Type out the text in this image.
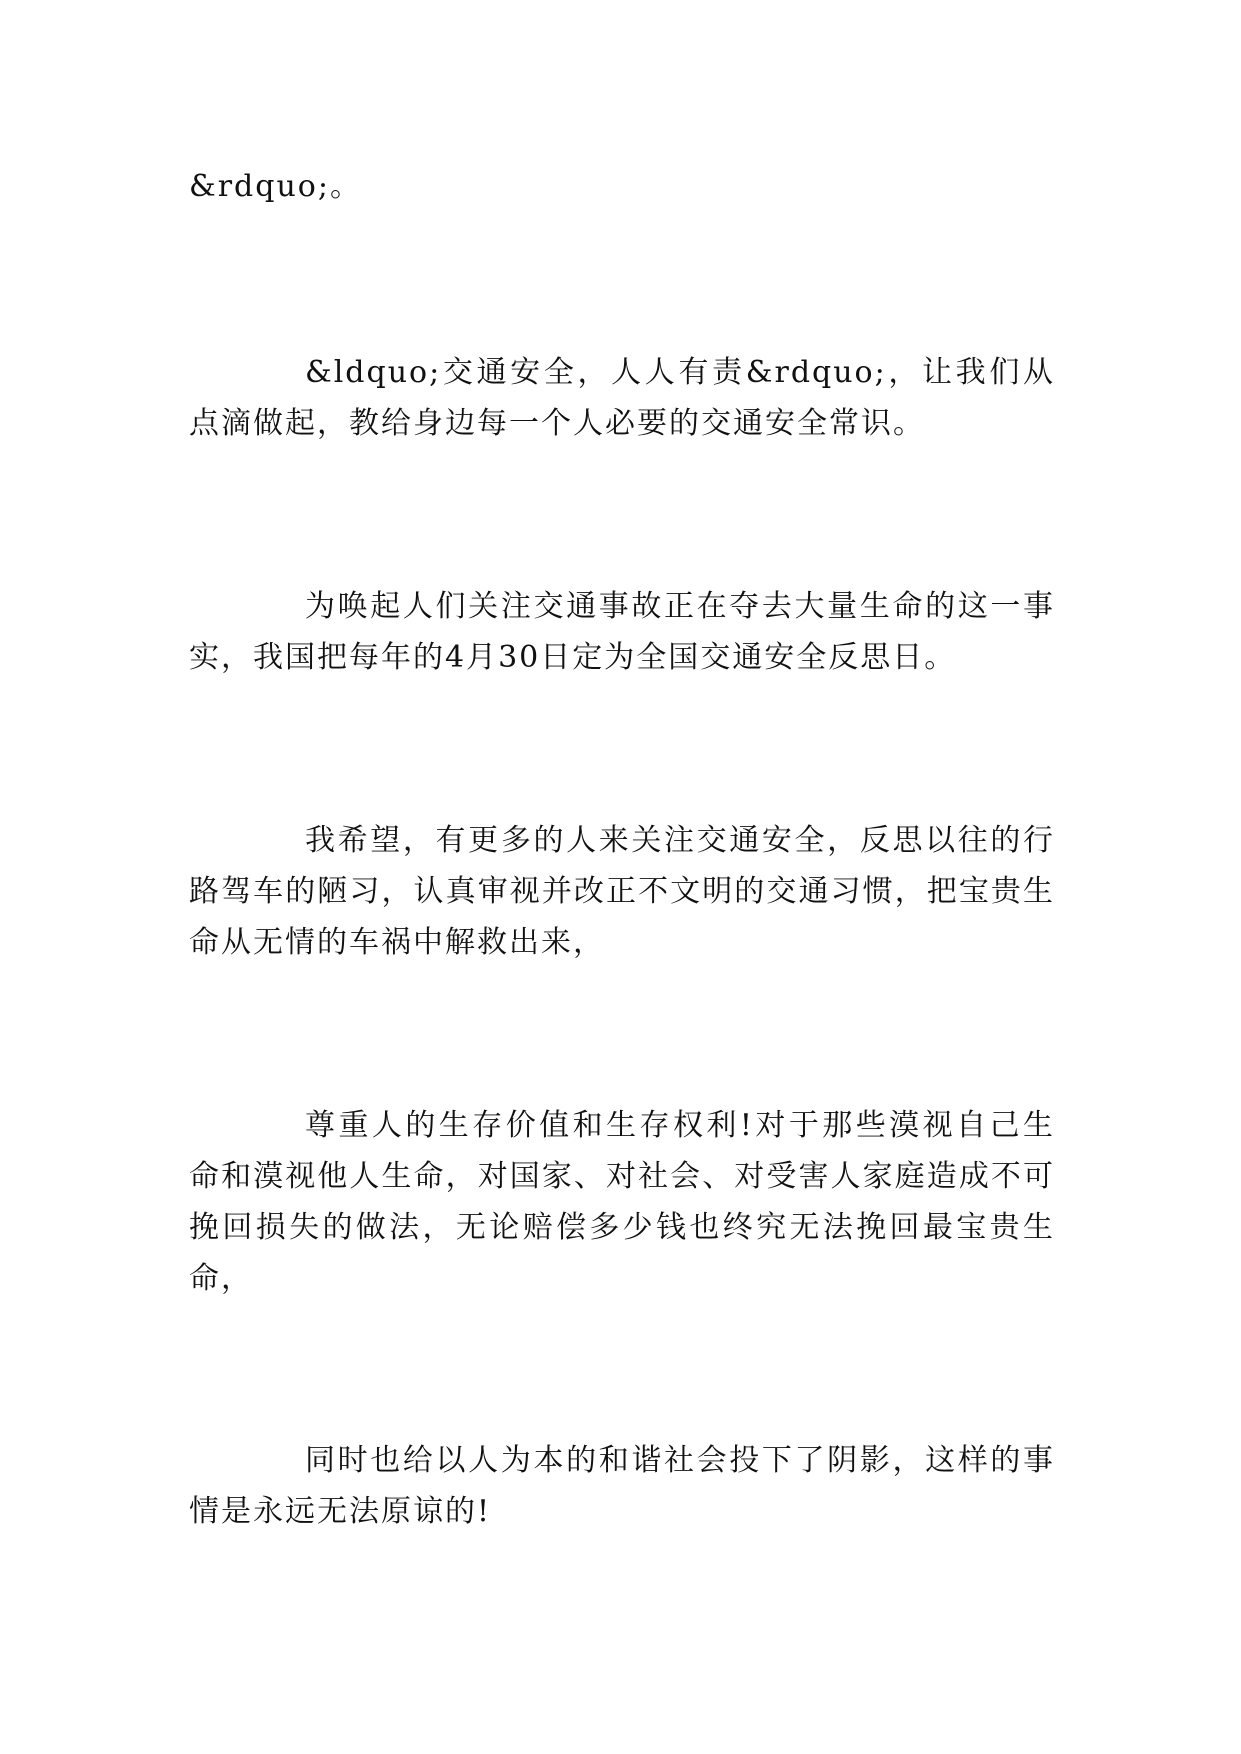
&rdquo;。

&ldquo;交通安全，人人有责&rdquo;，让我们从点滴做起，教给身边每一个人必要的交通安全常识。

为唤起人们关注交通事故正在夺去大量生命的这一事实，我国把每年的4月30日定为全国交通安全反思日。

我希望，有更多的人来关注交通安全，反思以往的行路驾车的陋习，认真审视并改正不文明的交通习惯，把宝贵生命从无情的车祸中解救出来，

尊重人的生存价值和生存权利!对于那些漠视自己生命和漠视他人生命，对国家、对社会、对受害人家庭造成不可挽回损失的做法，无论赔偿多少钱也终究无法挽回最宝贵生命，

同时也给以人为本的和谐社会投下了阴影，这样的事情是永远无法原谅的!
